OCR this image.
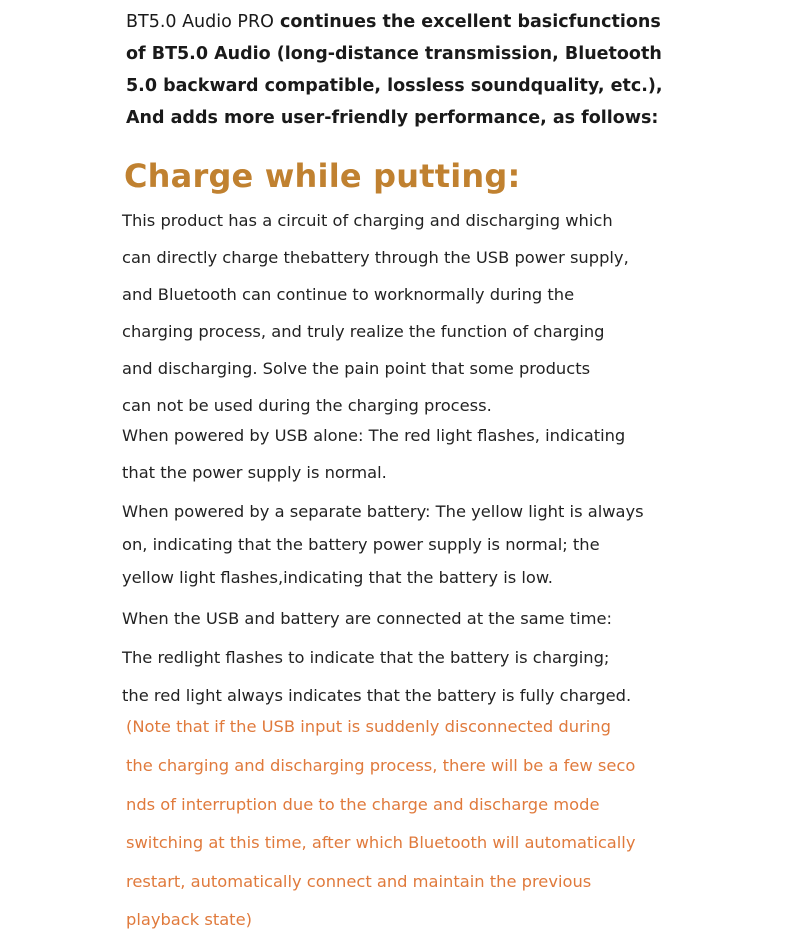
BT5.0 Audio PRO continues the excellent basicfunctions

of BT5.0 Audio (long-distance transmission, Bluetooth

5.0 backward compatible, lossless soundquality, etc.),

And adds more user-friendly performance, as follows:

Charge while putting:

This product has a circuit of charging and discharging which

can directly charge thebattery through the USB power supply,

and Bluetooth can continue to worknormally during the

charging process, and truly realize the function of charging

and discharging. Solve the pain point that some products

can not be used during the charging process.

When powered by USB alone: The red light flashes, indicating

that the power supply is normal.

When powered by a separate battery: The yellow light is always

on, indicating that the battery power supply is normal; the

yellow light flashes,indicating that the battery is low.

When the USB and battery are connected at the same time:

The redlight flashes to indicate that the battery is charging;

the red light always indicates that the battery is fully charged.

(Note that if the USB input is suddenly disconnected during

the charging and discharging process, there will be a few seco

nds of interruption due to the charge and discharge mode

switching at this time, after which Bluetooth will automatically

restart, automatically connect and maintain the previous

playback state)
